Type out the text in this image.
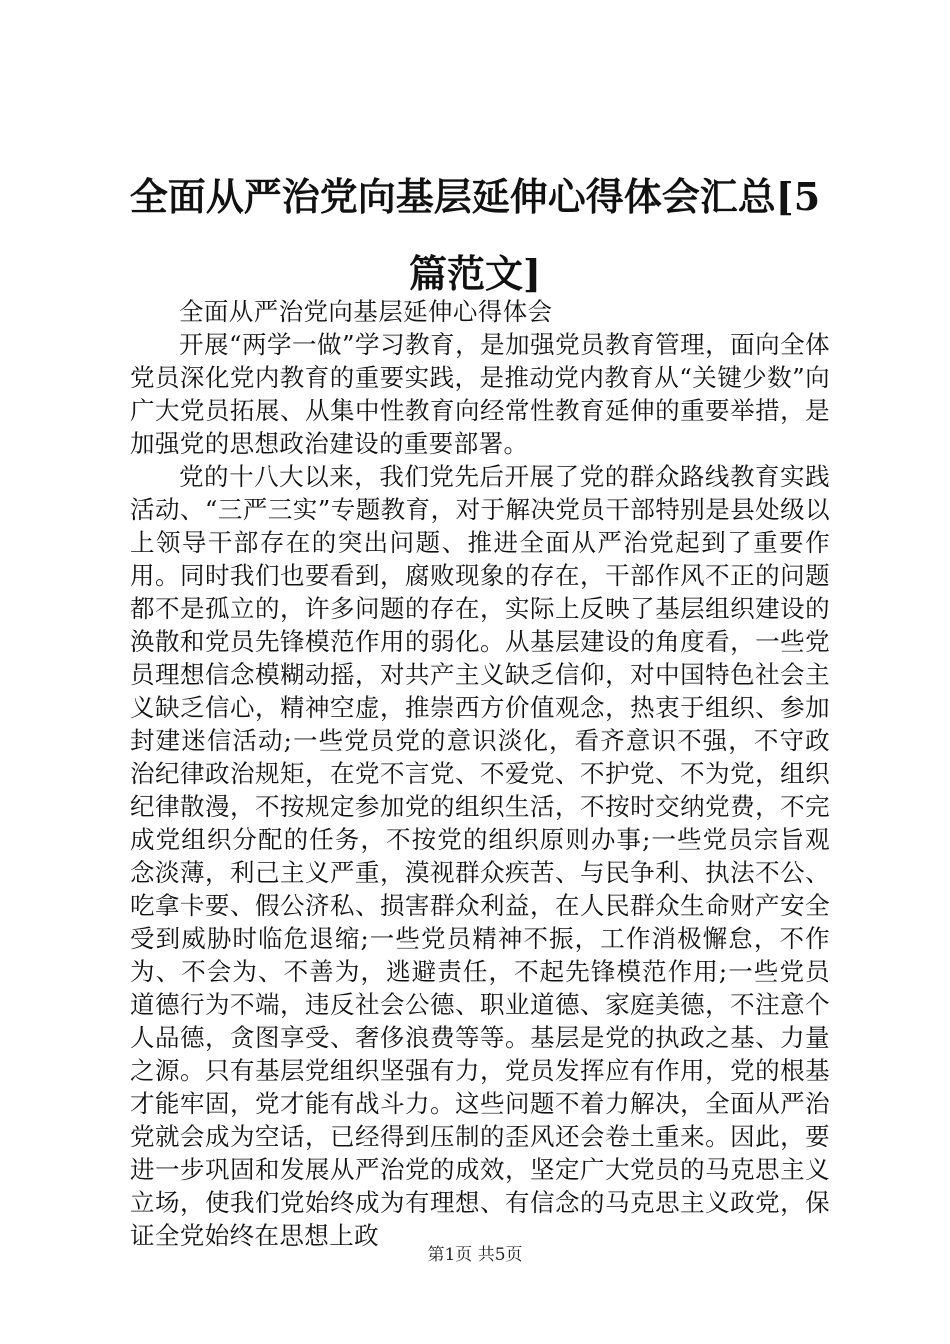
全面从严治党向基层延伸心得体会汇总[5篇范文]

全面从严治党向基层延伸心得体会

开展“两学一做”学习教育，是加强党员教育管理，面向全体党员深化党内教育的重要实践，是推动党内教育从“关键少数”向广大党员拓展、从集中性教育向经常性教育延伸的重要举措，是加强党的思想政治建设的重要部署。

党的十八大以来，我们党先后开展了党的群众路线教育实践活动、“三严三实”专题教育，对于解决党员干部特别是县处级以上领导干部存在的突出问题、推进全面从严治党起到了重要作用。同时我们也要看到，腐败现象的存在，干部作风不正的问题都不是孤立的，许多问题的存在，实际上反映了基层组织建设的涣散和党员先锋模范作用的弱化。从基层建设的角度看，一些党员理想信念模糊动摇，对共产主义缺乏信仰，对中国特色社会主义缺乏信心，精神空虚，推崇西方价值观念，热衷于组织、参加封建迷信活动;一些党员党的意识淡化，看齐意识不强，不守政治纪律政治规矩，在党不言党、不爱党、不护党、不为党，组织纪律散漫，不按规定参加党的组织生活，不按时交纳党费，不完成党组织分配的任务，不按党的组织原则办事;一些党员宗旨观念淡薄，利己主义严重，漠视群众疾苦、与民争利、执法不公、吃拿卡要、假公济私、损害群众利益，在人民群众生命财产安全受到威胁时临危退缩;一些党员精神不振，工作消极懈怠，不作为、不会为、不善为，逃避责任，不起先锋模范作用;一些党员道德行为不端，违反社会公德、职业道德、家庭美德，不注意个人品德，贪图享受、奢侈浪费等等。基层是党的执政之基、力量之源。只有基层党组织坚强有力，党员发挥应有作用，党的根基才能牢固，党才能有战斗力。这些问题不着力解决，全面从严治党就会成为空话，已经得到压制的歪风还会卷土重来。因此，要进一步巩固和发展从严治党的成效，坚定广大党员的马克思主义立场，使我们党始终成为有理想、有信念的马克思主义政党，保证全党始终在思想上政

第1页 共5页
